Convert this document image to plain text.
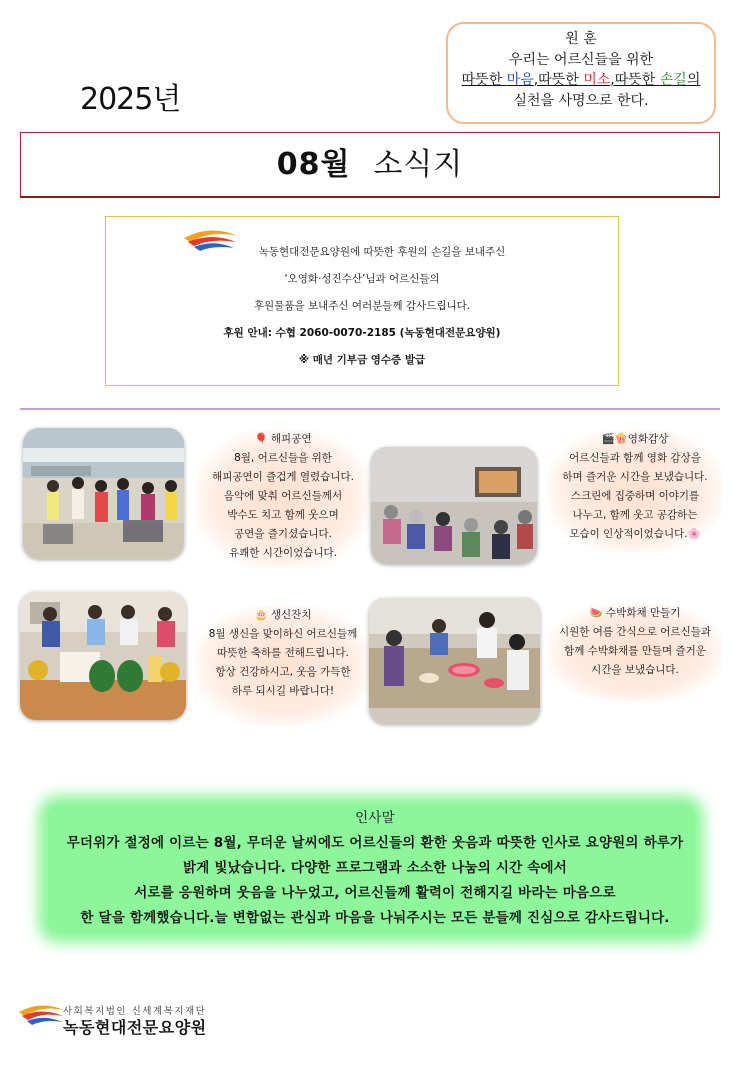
원 훈
우리는 어르신들을 위한
따뜻한 마음,따뜻한 미소,따뜻한 손길의
실천을 사명으로 한다.
2025년
08월 소식지
녹동현대전문요양원에 따뜻한 후원의 손길을 보내주신
‘오영화·성진수산’님과 어르신들의
후원물품을 보내주신 여러분들께 감사드립니다.
후원 안내: 수협 2060-0070-2185 (녹동현대전문요양원)
※ 매년 기부금 영수증 발급
🎈 해피공연
8월, 어르신들을 위한
해피공연이 즐겁게 열렸습니다.
음악에 맞춰 어르신들께서
박수도 치고 함께 웃으며
공연을 즐기셨습니다.
유쾌한 시간이었습니다.
🎬🍿영화감상
어르신들과 함께 영화 감상을
하며 즐거운 시간을 보냈습니다.
스크린에 집중하며 이야기를
나누고, 함께 웃고 공감하는
모습이 인상적이었습니다.🌸
🎂 생신잔치
8월 생신을 맞이하신 어르신들께
따뜻한 축하를 전해드립니다.
항상 건강하시고, 웃음 가득한
하루 되시길 바랍니다!
🍉 수박화채 만들기
시원한 여름 간식으로 어르신들과
함께 수박화채를 만들며 즐거운
시간을 보냈습니다.
인사말
무더위가 절정에 이르는 8월, 무더운 날씨에도 어르신들의 환한 웃음과 따뜻한 인사로 요양원의 하루가
밝게 빛났습니다. 다양한 프로그램과 소소한 나눔의 시간 속에서
서로를 응원하며 웃음을 나누었고, 어르신들께 활력이 전해지길 바라는 마음으로
한 달을 함께했습니다.늘 변함없는 관심과 마음을 나눠주시는 모든 분들께 진심으로 감사드립니다.
사회복지법인 신세계복지재단
녹동현대전문요양원
